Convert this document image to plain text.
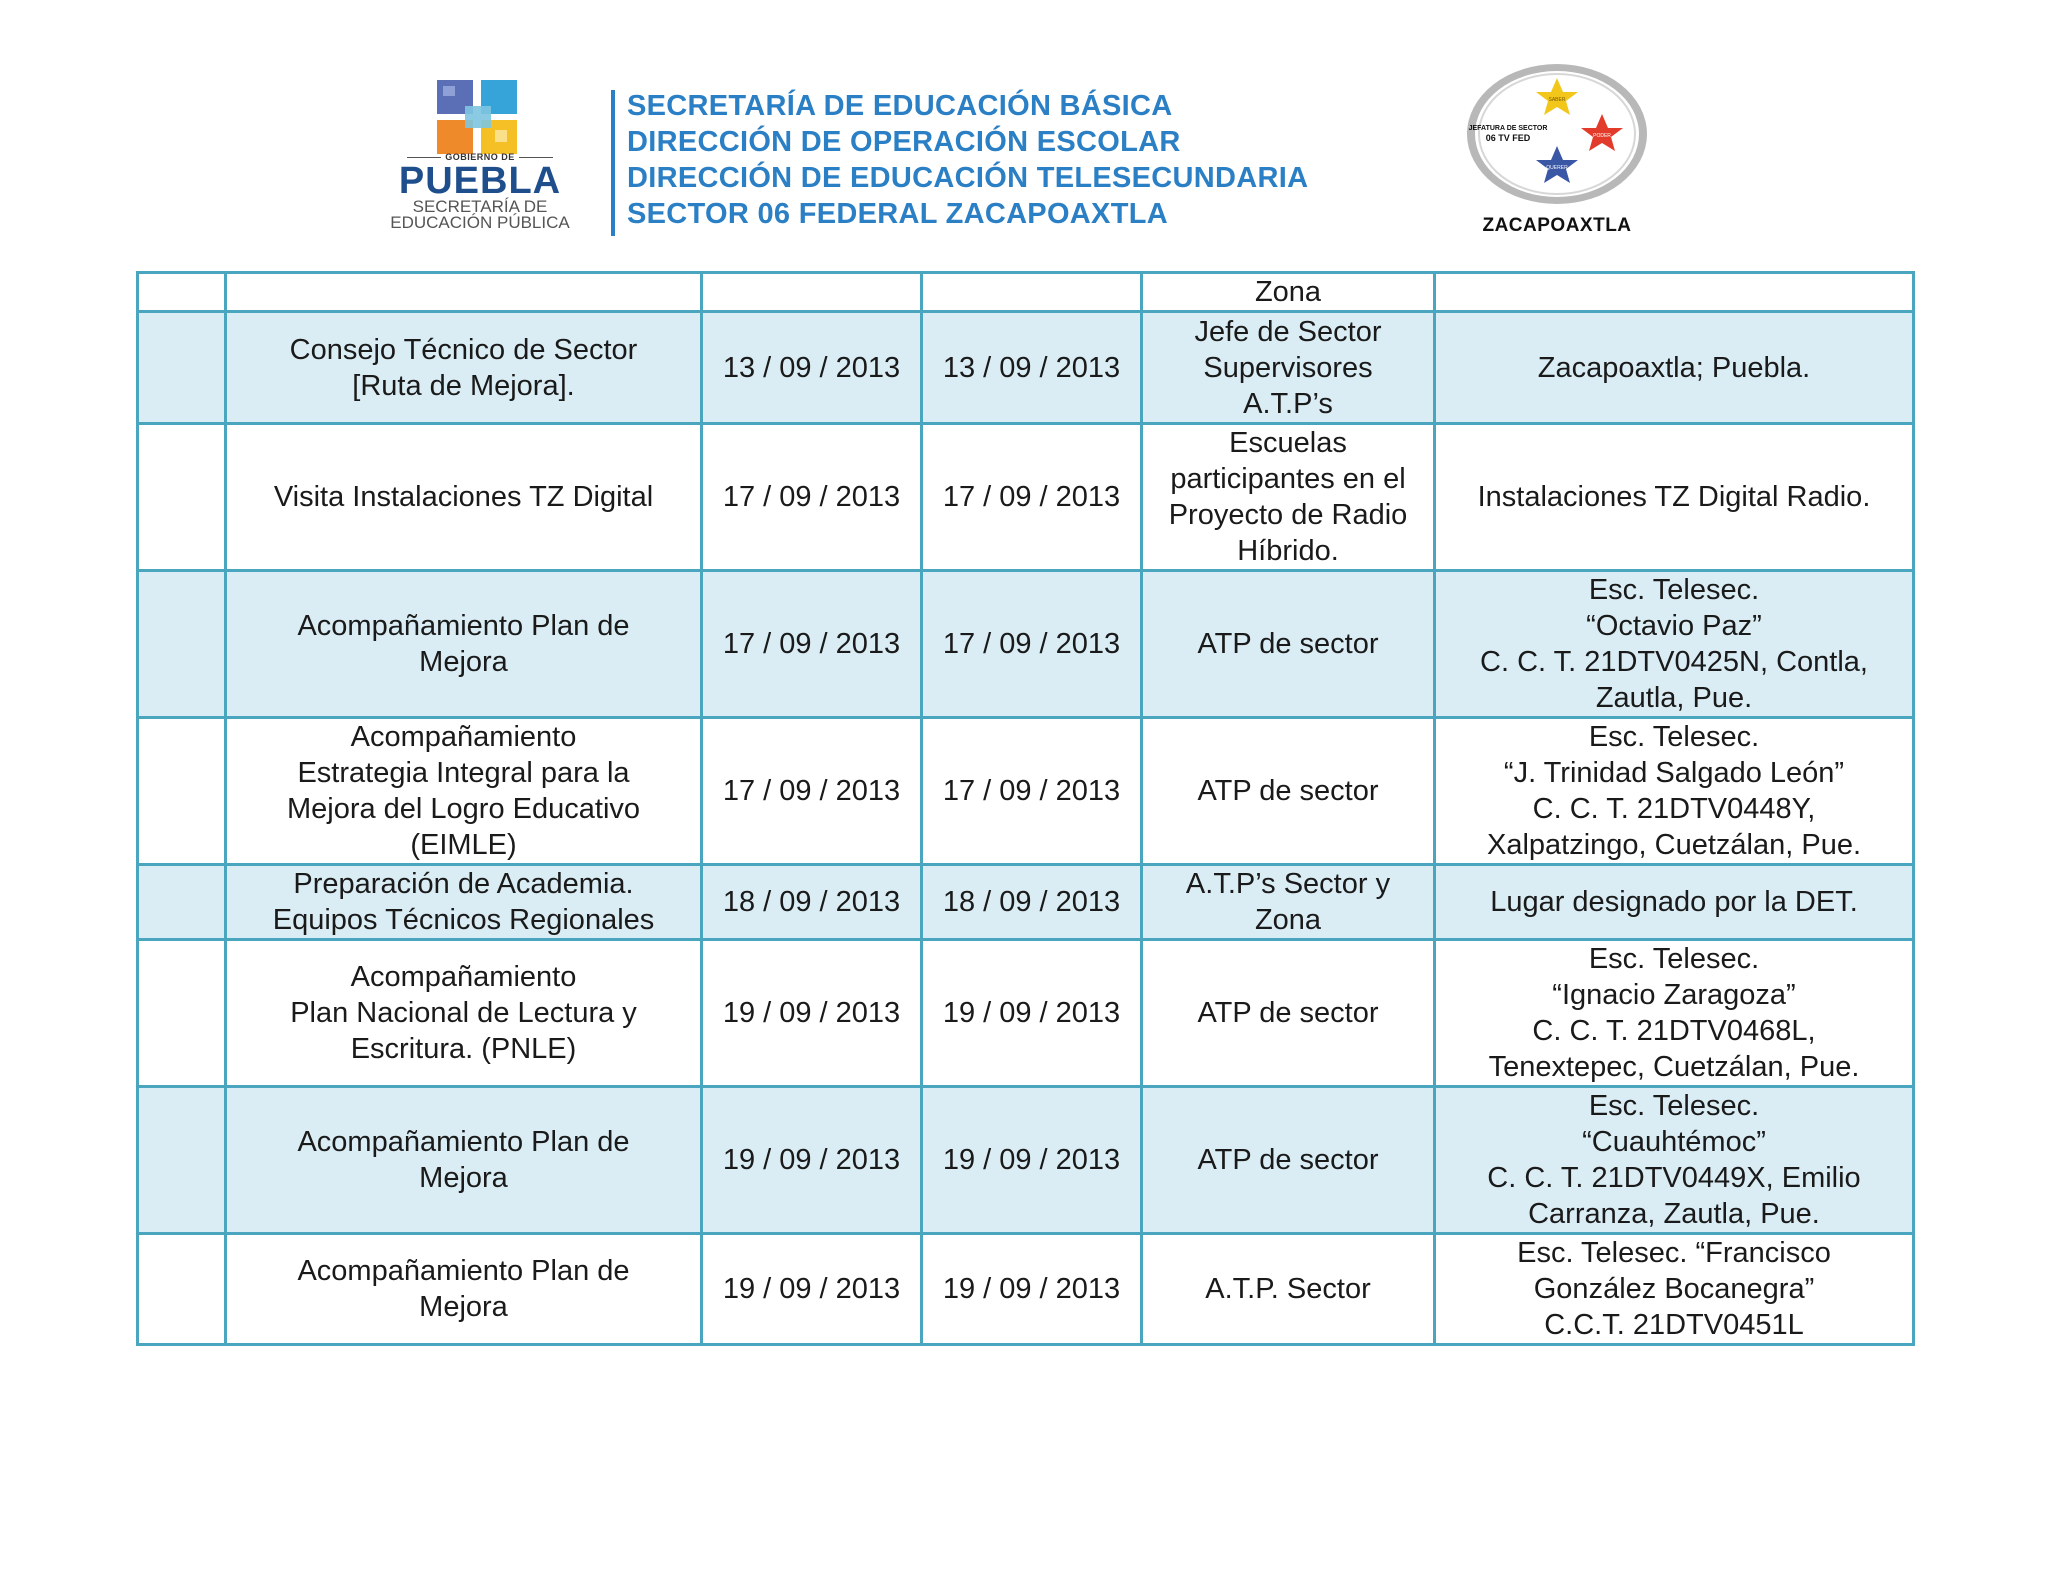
GOBIERNO DE
PUEBLA
SECRETARÍA DE
EDUCACIÓN PÚBLICA
SECRETARÍA DE EDUCACIÓN BÁSICA
DIRECCIÓN DE OPERACIÓN ESCOLAR
DIRECCIÓN DE EDUCACIÓN TELESECUNDARIA
SECTOR 06 FEDERAL ZACAPOAXTLA
JEFATURA DE SECTOR
06 TV FED
SABER
PODER
QUERER
ZACAPOAXTLA

				Zona	

	Consejo Técnico de Sector
[Ruta de Mejora].	13 / 09 / 2013	13 / 09 / 2013	Jefe de Sector
Supervisores
A.T.P’s	Zacapoaxtla; Puebla.

	Visita Instalaciones TZ Digital	17 / 09 / 2013	17 / 09 / 2013	Escuelas
participantes en el
Proyecto de Radio
Híbrido.	Instalaciones TZ Digital Radio.

	Acompañamiento Plan de
Mejora	17 / 09 / 2013	17 / 09 / 2013	ATP de sector	Esc. Telesec.
“Octavio Paz”
C. C. T. 21DTV0425N, Contla,
Zautla, Pue.

	Acompañamiento
Estrategia Integral para la
Mejora del Logro Educativo
(EIMLE)	17 / 09 / 2013	17 / 09 / 2013	ATP de sector	Esc. Telesec.
“J. Trinidad Salgado León”
C. C. T. 21DTV0448Y,
Xalpatzingo, Cuetzálan, Pue.

	Preparación de Academia.
Equipos Técnicos Regionales	18 / 09 / 2013	18 / 09 / 2013	A.T.P’s Sector y
Zona	Lugar designado por la DET.

	Acompañamiento
Plan Nacional de Lectura y
Escritura. (PNLE)	19 / 09 / 2013	19 / 09 / 2013	ATP de sector	Esc. Telesec.
“Ignacio Zaragoza”
C. C. T. 21DTV0468L,
Tenextepec, Cuetzálan, Pue.

	Acompañamiento Plan de
Mejora	19 / 09 / 2013	19 / 09 / 2013	ATP de sector	Esc. Telesec.
“Cuauhtémoc”
C. C. T. 21DTV0449X, Emilio
Carranza, Zautla, Pue.

	Acompañamiento Plan de
Mejora	19 / 09 / 2013	19 / 09 / 2013	A.T.P. Sector	Esc. Telesec. “Francisco
González Bocanegra”
C.C.T. 21DTV0451L
